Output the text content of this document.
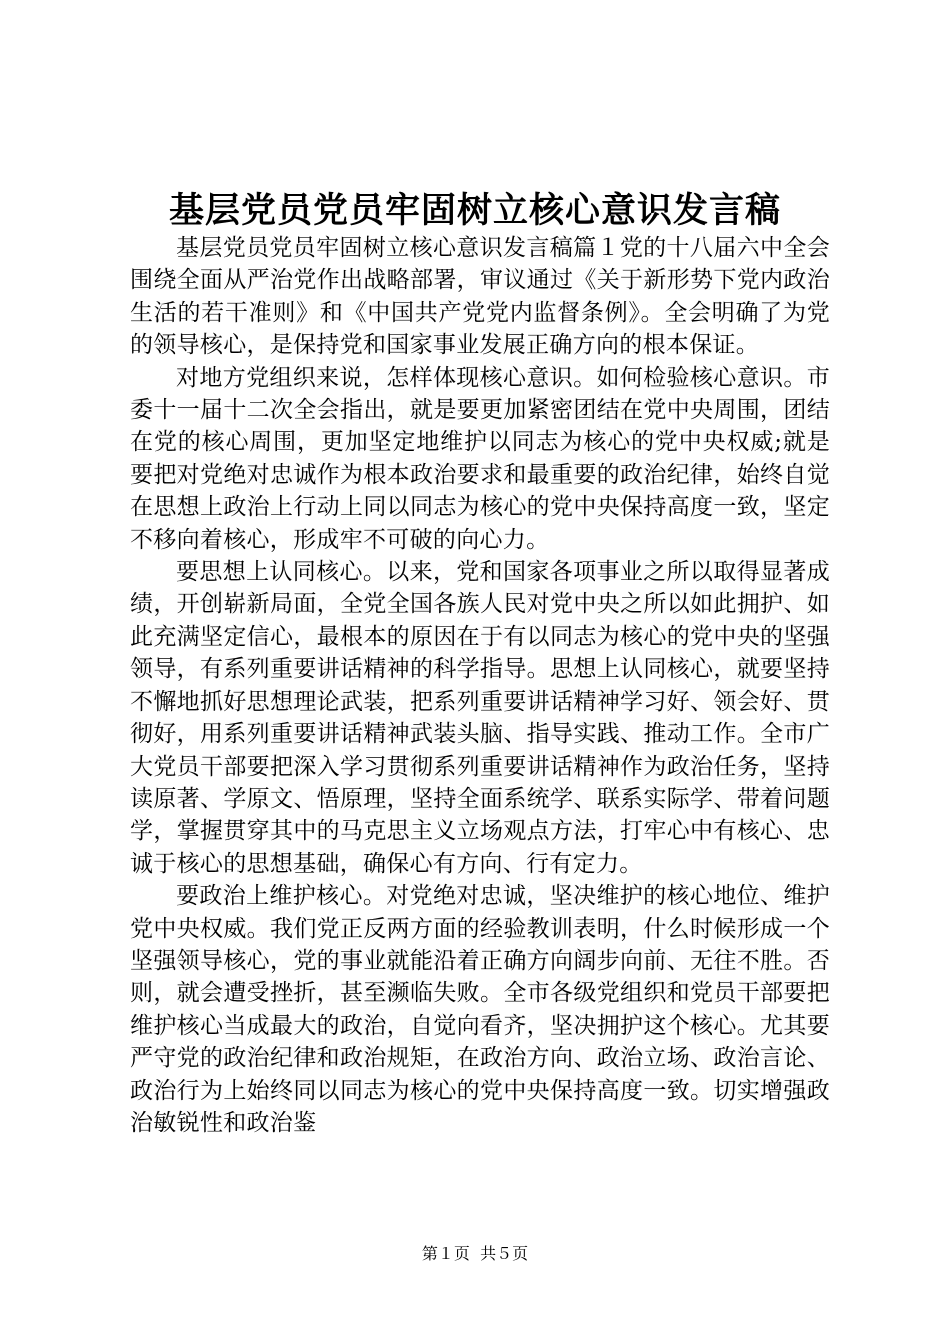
基层党员党员牢固树立核心意识发言稿

基层党员党员牢固树立核心意识发言稿篇１党的十八届六中全会围绕全面从严治党作出战略部署，审议通过《关于新形势下党内政治生活的若干准则》和《中国共产党党内监督条例》。全会明确了为党的领导核心，是保持党和国家事业发展正确方向的根本保证。

对地方党组织来说，怎样体现核心意识。如何检验核心意识。市委十一届十二次全会指出，就是要更加紧密团结在党中央周围，团结在党的核心周围，更加坚定地维护以同志为核心的党中央权威;就是要把对党绝对忠诚作为根本政治要求和最重要的政治纪律，始终自觉在思想上政治上行动上同以同志为核心的党中央保持高度一致，坚定不移向着核心，形成牢不可破的向心力。

要思想上认同核心。以来，党和国家各项事业之所以取得显著成绩，开创崭新局面，全党全国各族人民对党中央之所以如此拥护、如此充满坚定信心，最根本的原因在于有以同志为核心的党中央的坚强领导，有系列重要讲话精神的科学指导。思想上认同核心，就要坚持不懈地抓好思想理论武装，把系列重要讲话精神学习好、领会好、贯彻好，用系列重要讲话精神武装头脑、指导实践、推动工作。全市广大党员干部要把深入学习贯彻系列重要讲话精神作为政治任务，坚持读原著、学原文、悟原理，坚持全面系统学、联系实际学、带着问题学，掌握贯穿其中的马克思主义立场观点方法，打牢心中有核心、忠诚于核心的思想基础，确保心有方向、行有定力。

要政治上维护核心。对党绝对忠诚，坚决维护的核心地位、维护党中央权威。我们党正反两方面的经验教训表明，什么时候形成一个坚强领导核心，党的事业就能沿着正确方向阔步向前、无往不胜。否则，就会遭受挫折，甚至濒临失败。全市各级党组织和党员干部要把维护核心当成最大的政治，自觉向看齐，坚决拥护这个核心。尤其要严守党的政治纪律和政治规矩，在政治方向、政治立场、政治言论、政治行为上始终同以同志为核心的党中央保持高度一致。切实增强政治敏锐性和政治鉴

第１页 共５页
